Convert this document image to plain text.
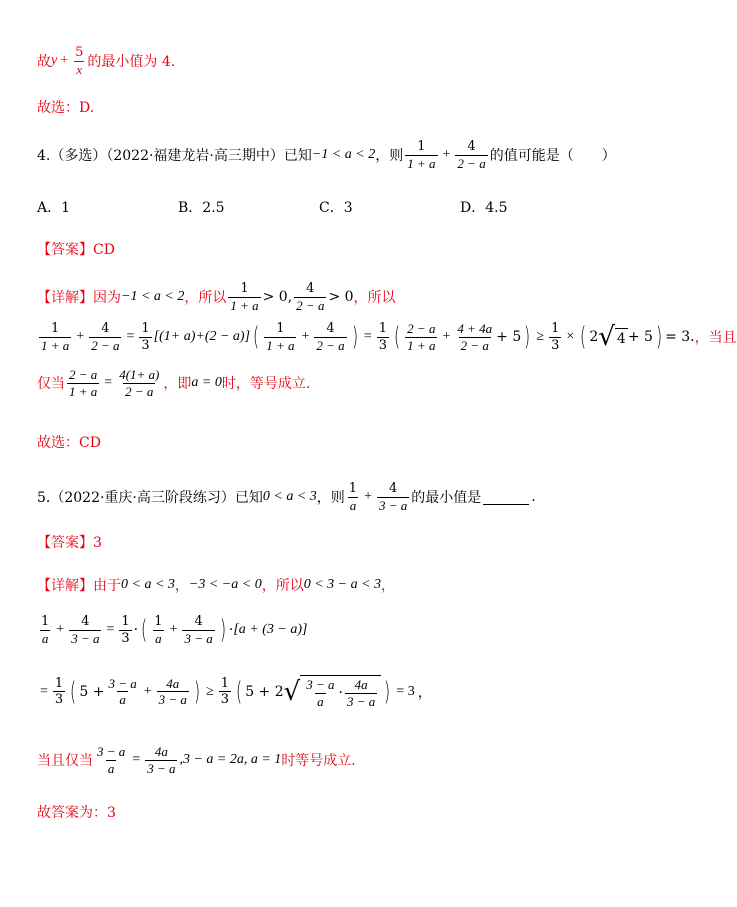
故 $y + \frac{5}{x}$ 的最小值为 4.
故选：D.
4.（多选）（2022·福建龙岩·高三期中）已知 −1 < a < 2 ，则 $\frac{1}{1 + a} + \frac{4}{2 - a}$ 的值可能是（　　）
A．1	B．2.5	C．3	D．4.5
【答案】CD
【详解】 因为 −1 < a < 2 ，所以 $\frac{1}{1 + a} > 0$, $\frac{4}{2 - a} > 0$ ，所以
$\frac{1}{1 + a} + \frac{4}{2 - a} = \frac{1}{3} [(1+ a)+(2 - a)]$ ( $\frac{1}{1 + a} + \frac{4}{2 - a}$ ) = $\frac{1}{3}$ ( $\frac{2 - a}{1 + a} + \frac{4 + 4a}{2 - a} + 5$ ) ≥ $\frac{1}{3}$ × ( 2 √ 4 + 5 ) = 3. ，当且
仅当 $\frac{2 - a}{1 + a} = \frac{4(1+ a)}{2 - a}$ ，即 a = 0 时，等号成立.
故选：CD
5.（2022·重庆·高三阶段练习）已知 0 < a < 3 ，则 $\frac{1}{a} + \frac{4}{3 - a}$ 的最小值是	.
【答案】3
【详解】 由于 0 < a < 3 ， −3 < −a < 0 ，所以 0 < 3 − a < 3 ，
$\frac{1}{a} + \frac{4}{3 - a} = \frac{1}{3}$ · ( $\frac{1}{a} + \frac{4}{3 - a}$ ) · [a + (3 − a)]
= $\frac{1}{3}$ ( $5 + \frac{3 - a}{a} + \frac{4a}{3 - a}$ ) ≥ $\frac{1}{3}$ ( 5 + 2 √ $\frac{3 - a}{a} \cdot \frac{4a}{3 - a}$ ) = 3 ，
当且仅当 $\frac{3 - a}{a} = \frac{4a}{3 - a} ,3 - a = 2a$, a = 1 时等号成立.
故答案为：3
